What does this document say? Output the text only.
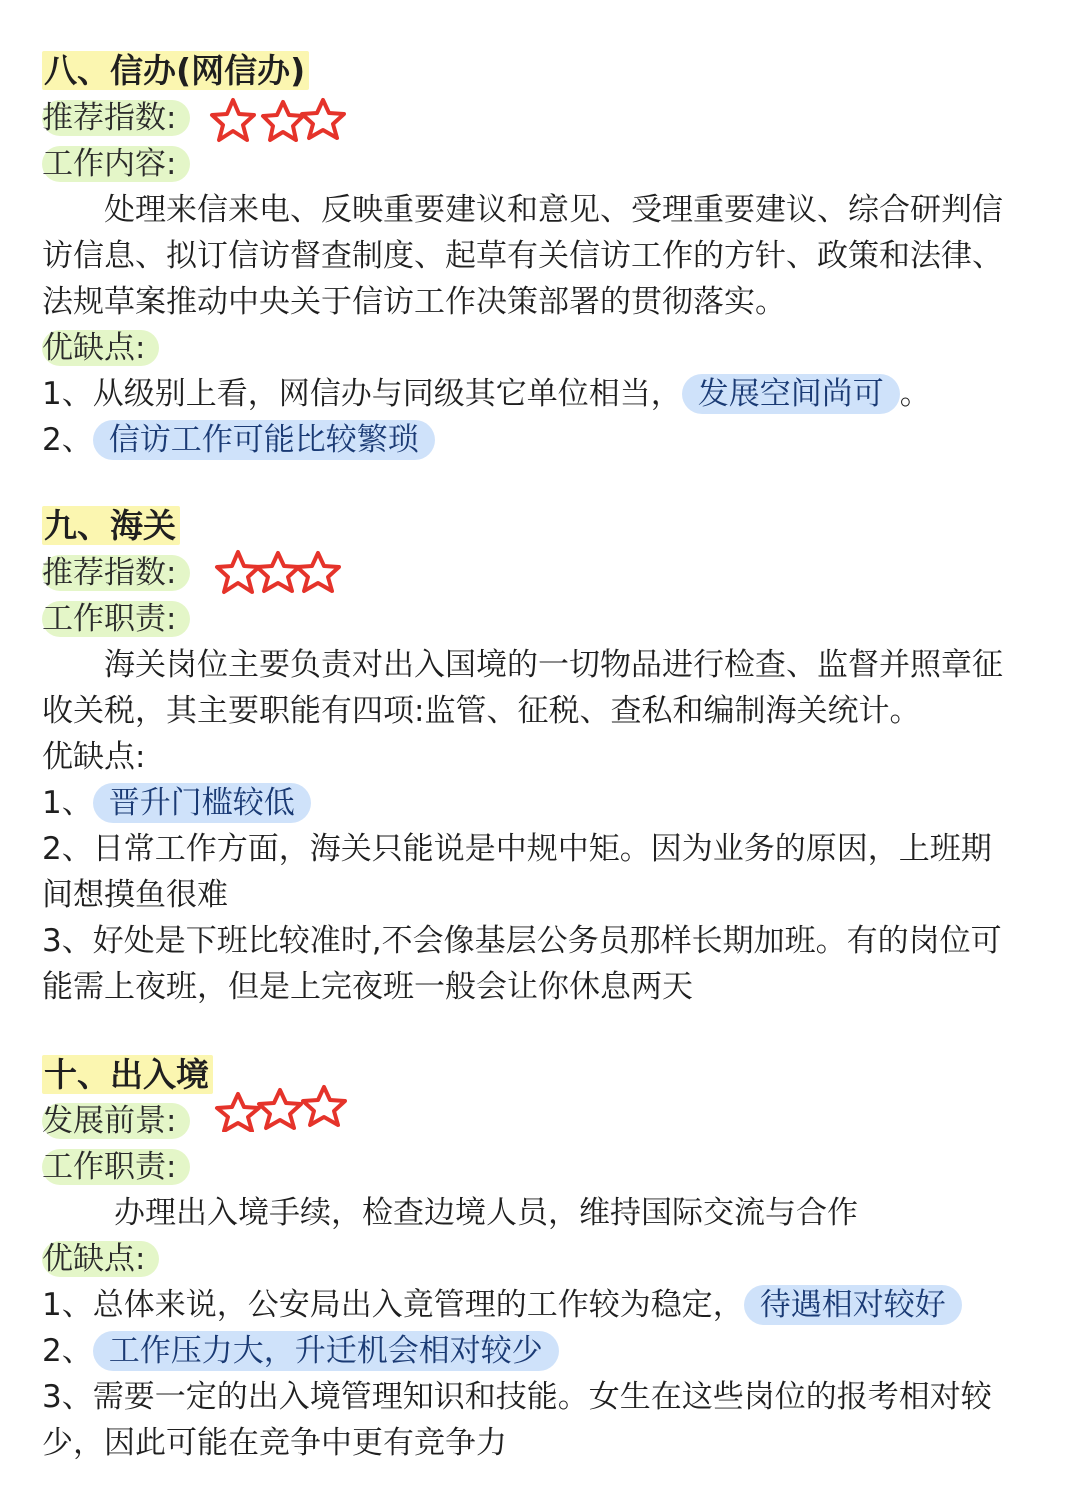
八、信办(网信办)
推荐指数:
工作内容:
处理来信来电、反映重要建议和意见、受理重要建议、综合研判信
访信息、拟订信访督查制度、起草有关信访工作的方针、政策和法律、
法规草案推动中央关于信访工作决策部署的贯彻落实。
优缺点:
1、从级别上看，网信办与同级其它单位相当， 发展空间尚可 。
2、 信访工作可能比较繁琐
九、海关
推荐指数:
工作职责:
海关岗位主要负责对出入国境的一切物品进行检查、监督并照章征
收关税，其主要职能有四项:监管、征税、查私和编制海关统计。
优缺点:
1、 晋升门槛较低
2、日常工作方面，海关只能说是中规中矩。因为业务的原因，上班期
间想摸鱼很难
3、好处是下班比较准时,不会像基层公务员那样长期加班。有的岗位可
能需上夜班，但是上完夜班一般会让你休息两天
十、出入境
发展前景:
工作职责:
办理出入境手续，检查边境人员，维持国际交流与合作
优缺点:
1、总体来说，公安局出入竟管理的工作较为稳定， 待遇相对较好
2、 工作压力大，升迁机会相对较少
3、需要一定的出入境管理知识和技能。女生在这些岗位的报考相对较
少，因此可能在竞争中更有竞争力
